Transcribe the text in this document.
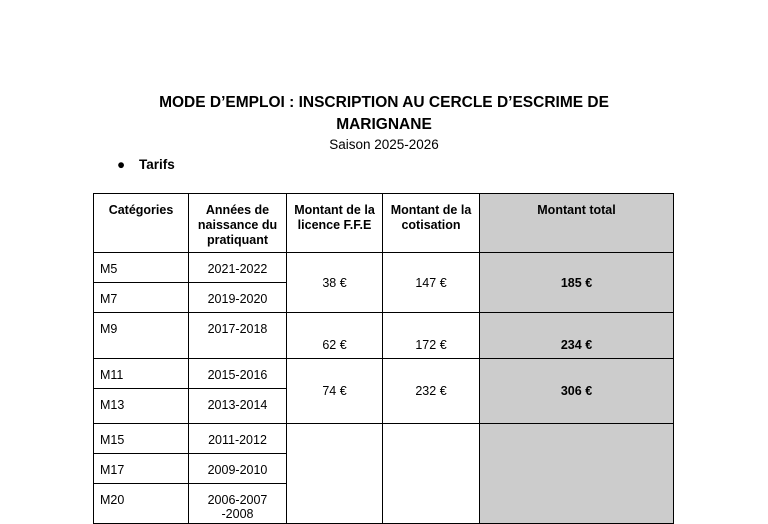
MODE D’EMPLOI : INSCRIPTION AU CERCLE D’ESCRIME DE
MARIGNANE
Saison 2025-2026
● Tarifs
Catégories	Années de naissance du pratiquant	Montant de la licence F.F.E	Montant de la cotisation	Montant total
M5	2021-2022	38 €	147 €	185 €
M7	2019-2020			
M9	2017-2018	62 €	172 €	234 €
M11	2015-2016	74 €	232 €	306 €
M13	2013-2014			
M15	2011-2012			
M17	2009-2010			
M20	2006-2007 -2008			
